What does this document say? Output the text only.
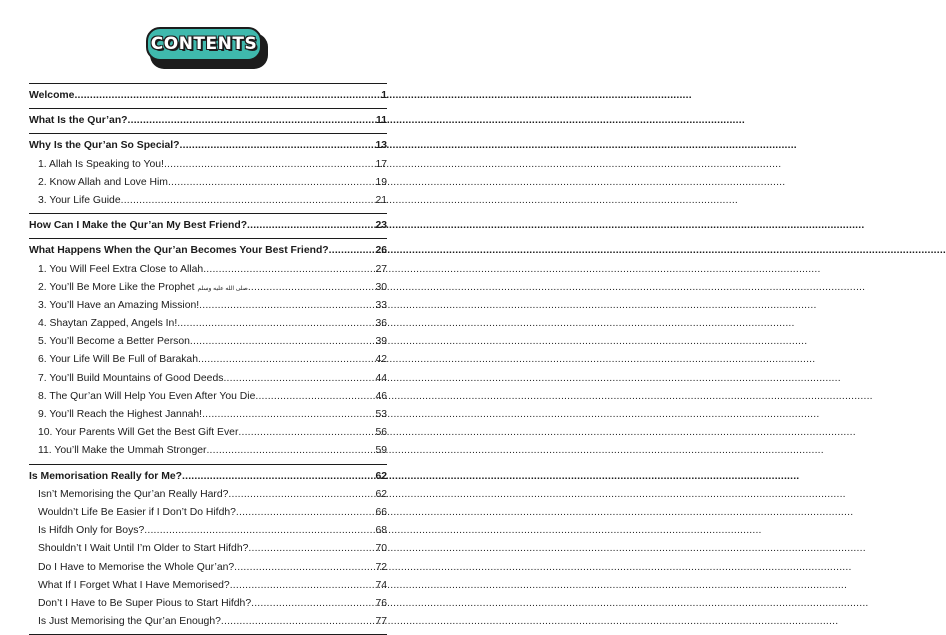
CONTENTS
Welcome .....	1
What Is the Qur’an? .....	11
Why Is the Qur’an So Special? .....	13
1. Allah Is Speaking to You! .....	17
2. Know Allah and Love Him .....	19
3. Your Life Guide .....	21
How Can I Make the Qur’an My Best Friend? .....	23
What Happens When the Qur’an Becomes Your Best Friend? .....	26
1. You Will Feel Extra Close to Allah .....	27
2. You’ll Be More Like the Prophet صلى الله عليه وسلم .....	30
3. You’ll Have an Amazing Mission! .....	33
4. Shaytan Zapped, Angels In! .....	36
5. You’ll Become a Better Person .....	39
6. Your Life Will Be Full of Barakah .....	42
7. You’ll Build Mountains of Good Deeds .....	44
8. The Qur’an Will Help You Even After You Die .....	46
9. You’ll Reach the Highest Jannah! .....	53
10. Your Parents Will Get the Best Gift Ever .....	56
11. You’ll Make the Ummah Stronger .....	59
Is Memorisation Really for Me? .....	62
Isn’t Memorising the Qur’an Really Hard? .....	62
Wouldn’t Life Be Easier if I Don’t Do Hifdh? .....	66
Is Hifdh Only for Boys? .....	68
Shouldn’t I Wait Until I’m Older to Start Hifdh? .....	70
Do I Have to Memorise the Whole Qur’an? .....	72
What If I Forget What I Have Memorised? .....	74
Don’t I Have to Be Super Pious to Start Hifdh? .....	76
Is Just Memorising the Qur’an Enough? .....	77
